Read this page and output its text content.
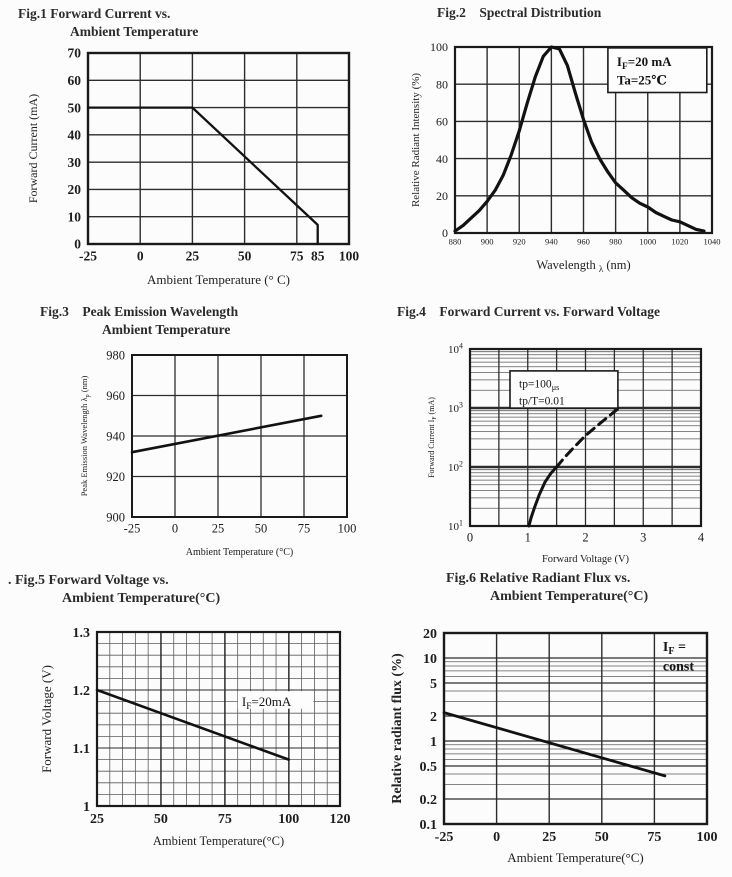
Fig.1 Forward Current vs.
Ambient Temperature
-25	0	25	50	75 85 100
0
10
20
30
40
50
60
70
Ambient Temperature (° C)
Forward Current (mA)
Fig.2    Spectral Distribution

880 900 920 940 960 980 1000 1020 1040
0
20
40
60
80
100
Wavelength $_\lambda$ (nm)
Relative Radiant Intensity (%)
$I_F=20$ mA
Ta=25℃
Fig.3    Peak Emission Wavelength
Ambient Temperature
-25	0	25 50 75 100
900
920
940
960
980
Ambient Temperature (°C)
Peak Emission Wavelength $\lambda_p$ (nm)
Fig.4    Forward Current vs. Forward Voltage

0	1	2	3	4
$10^1$
$10^2$
$10^3$
$10^4$
Forward Voltage (V)
Forward Current $I_F$ (mA)
$tp=100_{\mu s}$
tp/T=0.01
. Fig.5 Forward Voltage vs.
Ambient Temperature(°C)
25	50	75	100 120
1
1.1
1.2
1.3
Ambient Temperature(°C)
Forward Voltage (V)	$I_F=20mA$
Fig.6 Relative Radiant Flux vs.
Ambient Temperature(°C)
-25	0	25	50	75	100
20
10
5
2
1
0.5
0.2
0.1
Ambient Temperature(°C)
Relative radiant flux (%)
$I_F$ =
const
